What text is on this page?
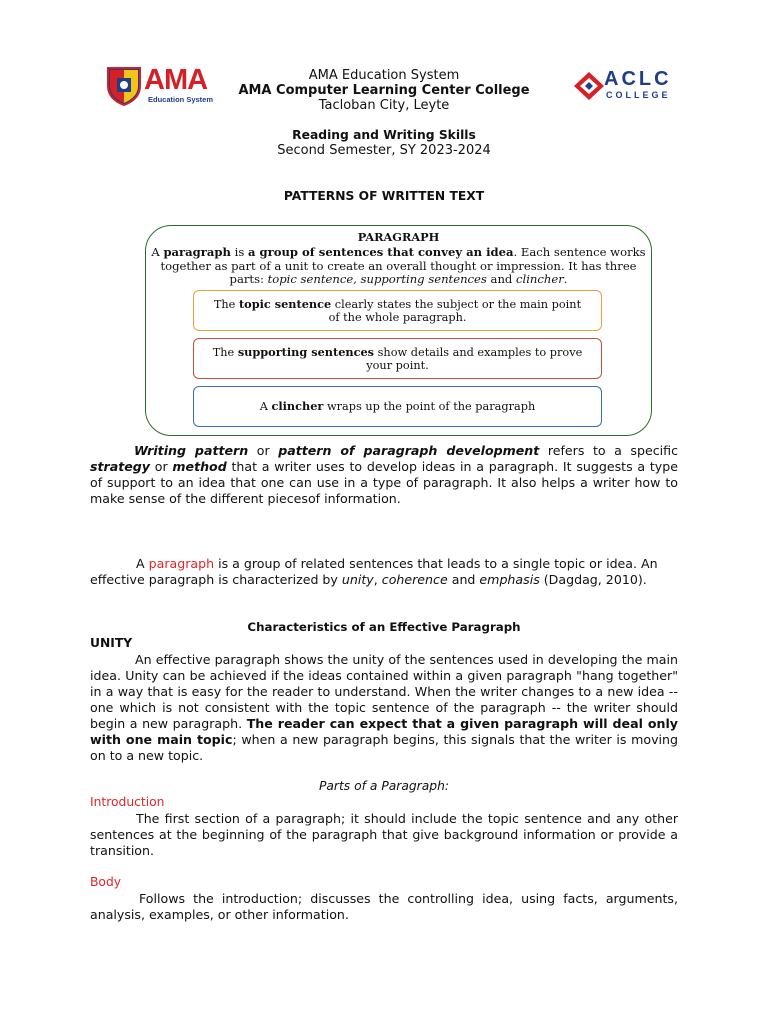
AMA
Education System
ACLC
COLLEGE
AMA Education System
AMA Computer Learning Center College
Tacloban City, Leyte
Reading and Writing Skills
Second Semester, SY 2023-2024
PATTERNS OF WRITTEN TEXT
PARAGRAPH
A paragraph is a group of sentences that convey an idea. Each sentence works together as part of a unit to create an overall thought or impression. It has three parts: topic sentence, supporting sentences and clincher.
The topic sentence clearly states the subject or the main point of the whole paragraph.
The supporting sentences show details and examples to prove your point.
A clincher wraps up the point of the paragraph
Writing pattern or pattern of paragraph development refers to a specific strategy or method that a writer uses to develop ideas in a paragraph. It suggests a type of support to an idea that one can use in a type of paragraph. It also helps a writer how to make sense of the different piecesof information.
A paragraph is a group of related sentences that leads to a single topic or idea. An effective paragraph is characterized by unity, coherence and emphasis (Dagdag, 2010).
Characteristics of an Effective Paragraph
UNITY
An effective paragraph shows the unity of the sentences used in developing the main idea. Unity can be achieved if the ideas contained within a given paragraph "hang together" in a way that is easy for the reader to understand. When the writer changes to a new idea -- one which is not consistent with the topic sentence of the paragraph -- the writer should begin a new paragraph. The reader can expect that a given paragraph will deal only with one main topic; when a new paragraph begins, this signals that the writer is moving on to a new topic.
Parts of a Paragraph:
Introduction
The first section of a paragraph; it should include the topic sentence and any other sentences at the beginning of the paragraph that give background information or provide a transition.
Body
Follows the introduction; discusses the controlling idea, using facts, arguments, analysis, examples, or other information.
